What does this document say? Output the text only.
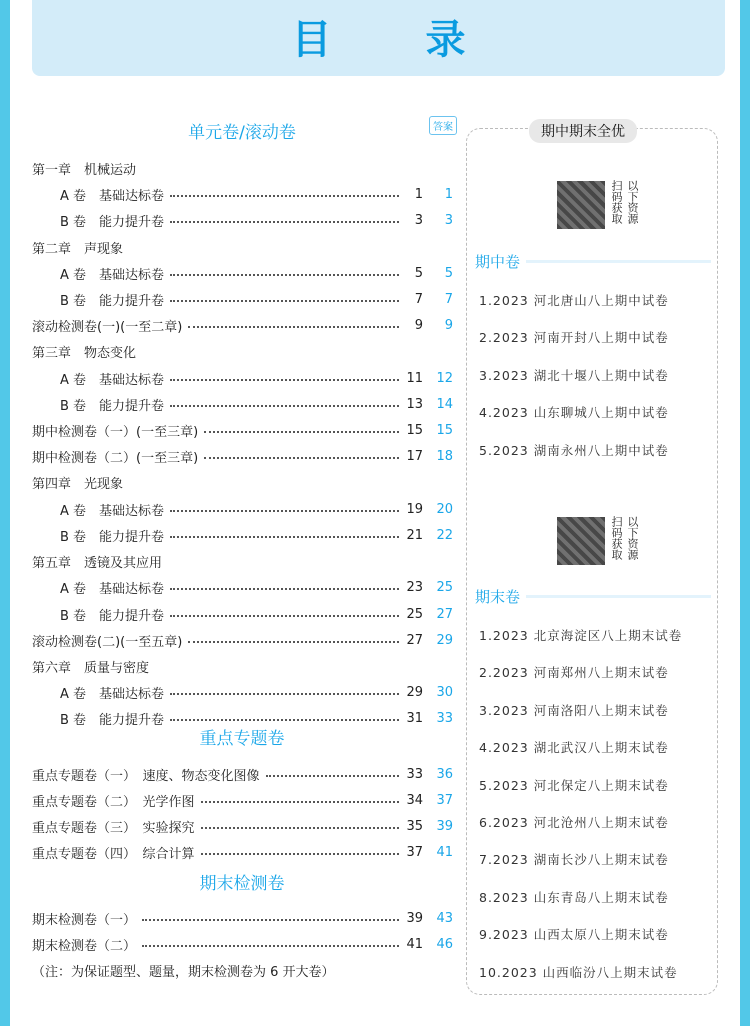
目 录
答案
单元卷/滚动卷
第一章　机械运动
A 卷　基础达标卷	1	1
B 卷　能力提升卷	3	3
第二章　声现象
A 卷　基础达标卷	5	5
B 卷　能力提升卷	7	7
滚动检测卷(一)(一至二章)	9	9
第三章　物态变化
A 卷　基础达标卷	11	12
B 卷　能力提升卷	13	14
期中检测卷（一）(一至三章)	15	15
期中检测卷（二）(一至三章)	17	18
第四章　光现象
A 卷　基础达标卷	19	20
B 卷　能力提升卷	21	22
第五章　透镜及其应用
A 卷　基础达标卷	23	25
B 卷　能力提升卷	25	27
滚动检测卷(二)(一至五章)	27	29
第六章　质量与密度
A 卷　基础达标卷	29	30
B 卷　能力提升卷	31	33
重点专题卷
重点专题卷（一）　速度、物态变化图像	33	36
重点专题卷（二）　光学作图	34	37
重点专题卷（三）　实验探究	35	39
重点专题卷（四）　综合计算	37	41
期末检测卷
期末检测卷（一）	39	43
期末检测卷（二）	41	46
（注：为保证题型、题量，期末检测卷为 6 开大卷）
期中期末全优
扫码获取 以下资源
期中卷
1.2023 河北唐山八上期中试卷
2.2023 河南开封八上期中试卷
3.2023 湖北十堰八上期中试卷
4.2023 山东聊城八上期中试卷
5.2023 湖南永州八上期中试卷
扫码获取 以下资源
期末卷
1.2023 北京海淀区八上期末试卷
2.2023 河南郑州八上期末试卷
3.2023 河南洛阳八上期末试卷
4.2023 湖北武汉八上期末试卷
5.2023 河北保定八上期末试卷
6.2023 河北沧州八上期末试卷
7.2023 湖南长沙八上期末试卷
8.2023 山东青岛八上期末试卷
9.2023 山西太原八上期末试卷
10.2023 山西临汾八上期末试卷
